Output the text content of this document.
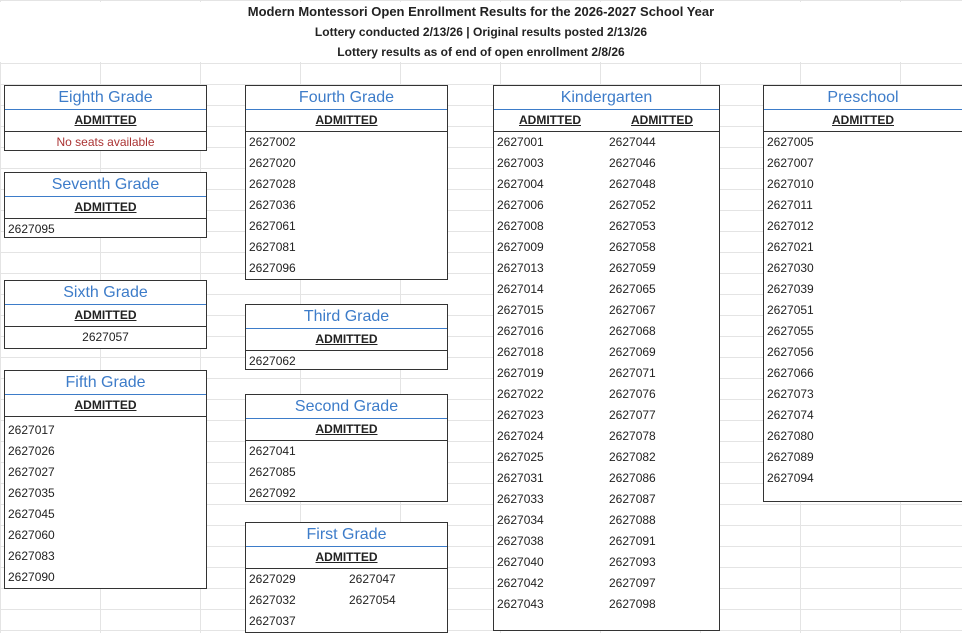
Modern Montessori Open Enrollment Results for the 2026-2027 School Year
Lottery conducted 2/13/26 | Original results posted 2/13/26
Lottery results as of end of open enrollment 2/8/26
Eighth Grade
ADMITTED
No seats available
Seventh Grade
ADMITTED
2627095
Sixth Grade
ADMITTED
2627057
Fifth Grade
ADMITTED
2627017
2627026
2627027
2627035
2627045
2627060
2627083
2627090
Fourth Grade
ADMITTED
2627002
2627020
2627028
2627036
2627061
2627081
2627096
Third Grade
ADMITTED
2627062
Second Grade
ADMITTED
2627041
2627085
2627092
First Grade
ADMITTED
2627029	2627047
2627032	2627054
2627037
Kindergarten
ADMITTED	ADMITTED
2627001	2627044
2627003	2627046
2627004	2627048
2627006	2627052
2627008	2627053
2627009	2627058
2627013	2627059
2627014	2627065
2627015	2627067
2627016	2627068
2627018	2627069
2627019	2627071
2627022	2627076
2627023	2627077
2627024	2627078
2627025	2627082
2627031	2627086
2627033	2627087
2627034	2627088
2627038	2627091
2627040	2627093
2627042	2627097
2627043	2627098
Preschool
ADMITTED
2627005
2627007
2627010
2627011
2627012
2627021
2627030
2627039
2627051
2627055
2627056
2627066
2627073
2627074
2627080
2627089
2627094
